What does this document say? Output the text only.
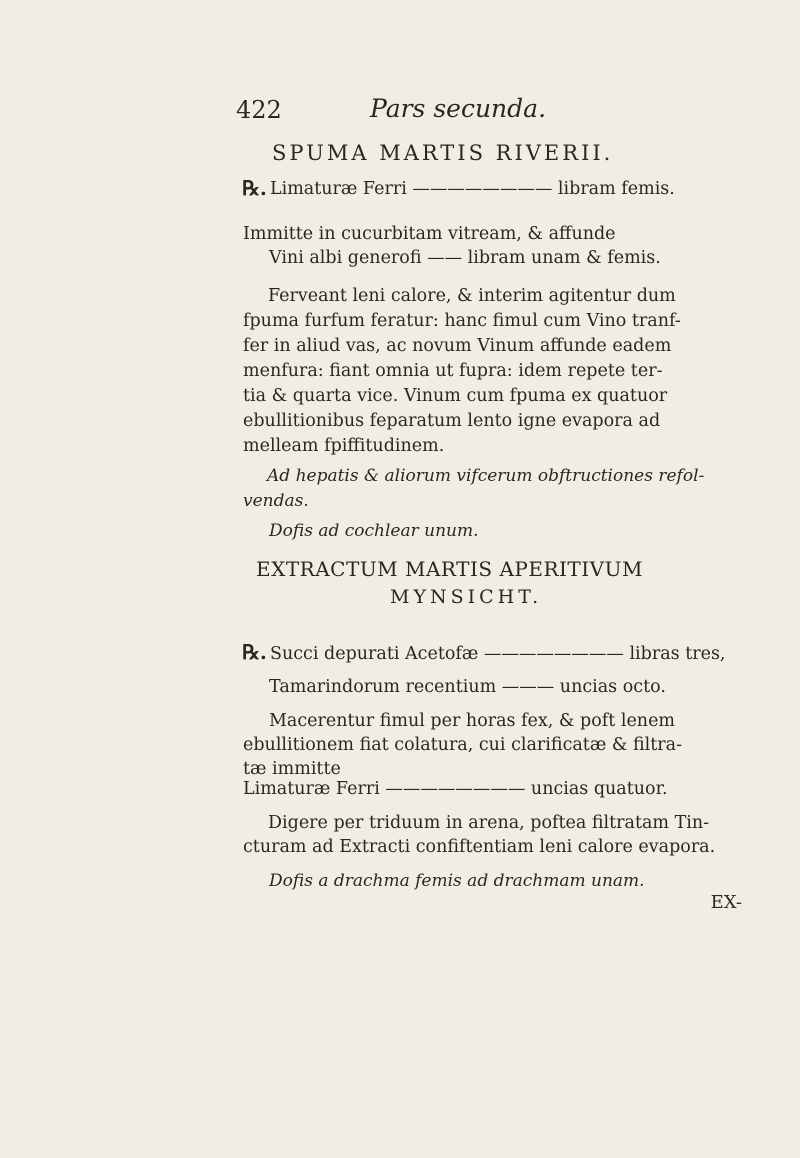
422	Pars secunda.
SPUMA MARTIS RIVERII.
℞. Limaturæ Ferri ———————— libram femis.
Immitte in cucurbitam vitream, & affunde
Vini albi generofi —— libram unam & femis.
Ferveant leni calore, & interim agitentur dum
fpuma furfum feratur: hanc fimul cum Vino tranf-
fer in aliud vas, ac novum Vinum affunde eadem
menfura: fiant omnia ut fupra: idem repete ter-
tia & quarta vice. Vinum cum fpuma ex quatuor
ebullitionibus feparatum lento igne evapora ad
melleam fpiffitudinem.
Ad hepatis & aliorum vifcerum obftructiones refol-
vendas.
Dofis ad cochlear unum.
EXTRACTUM MARTIS APERITIVUM
MYNSICHT.
℞. Succi depurati Acetofæ ———————— libras tres,
Tamarindorum recentium ——— uncias octo.
Macerentur fimul per horas fex, & poft lenem
ebullitionem fiat colatura, cui clarificatæ & filtra-
tæ immitte
Limaturæ Ferri ———————— uncias quatuor.
Digere per triduum in arena, poftea filtratam Tin-
cturam ad Extracti confiftentiam leni calore evapora.
Dofis a drachma femis ad drachmam unam.
EX-
